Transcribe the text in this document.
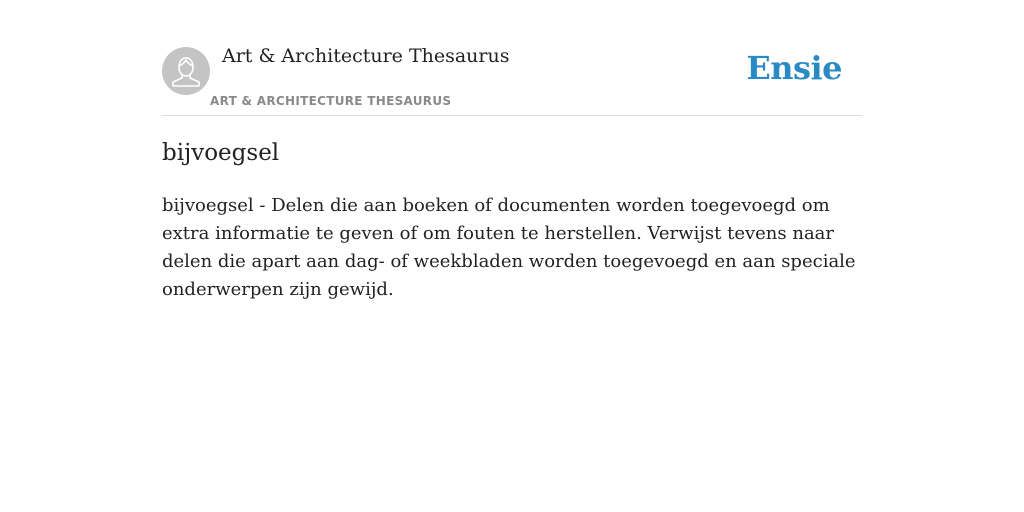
Art & Architecture Thesaurus
ART & ARCHITECTURE THESAURUS
Ensie
bijvoegsel

bijvoegsel - Delen die aan boeken of documenten worden toegevoegd om extra informatie te geven of om fouten te herstellen. Verwijst tevens naar delen die apart aan dag- of weekbladen worden toegevoegd en aan speciale onderwerpen zijn gewijd.
